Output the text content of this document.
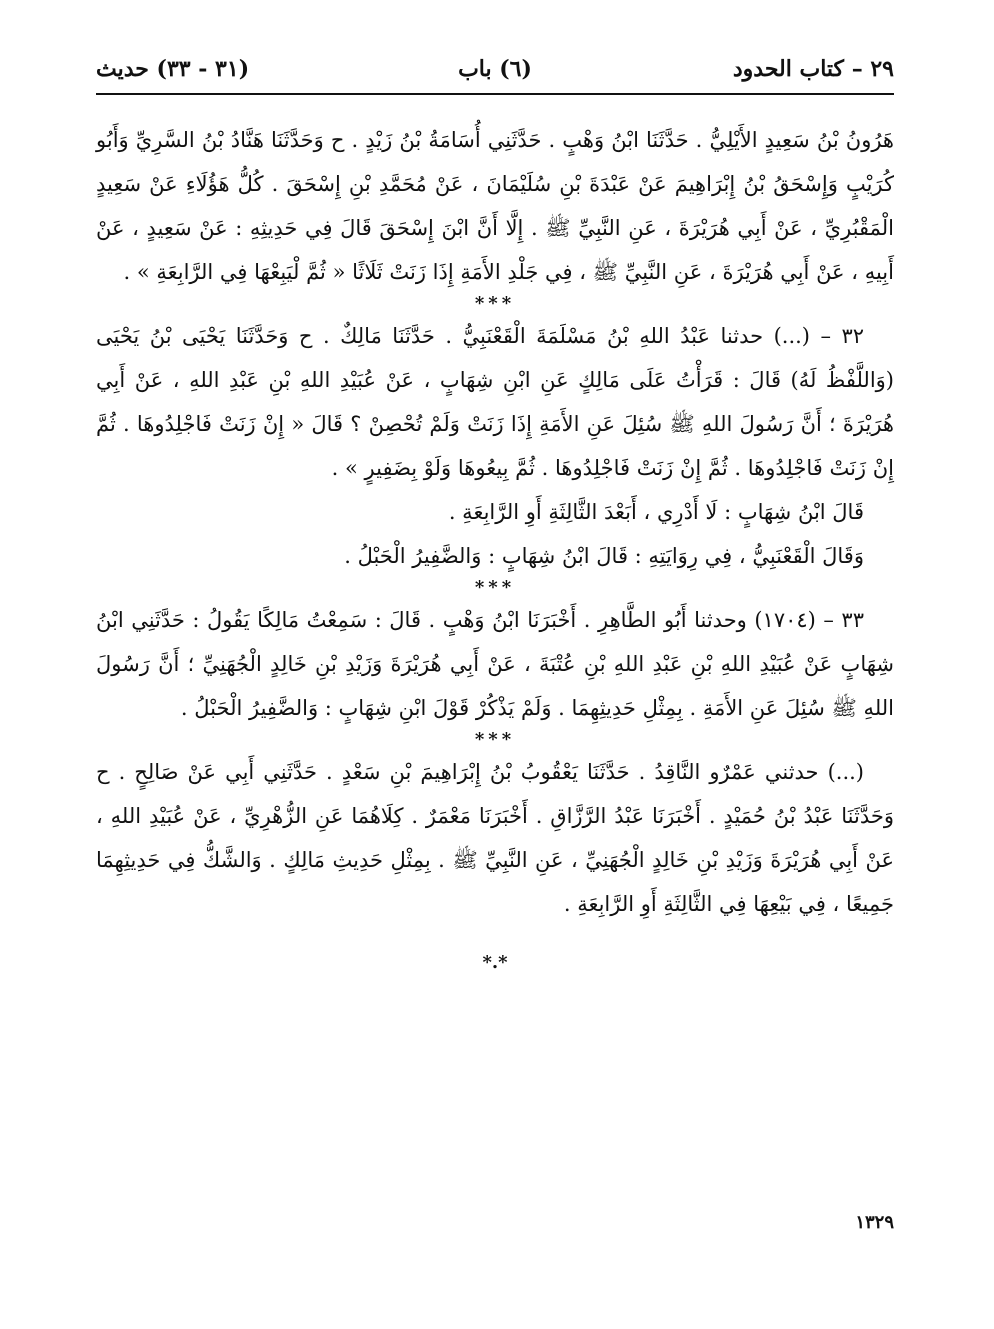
٢٩ – كتاب الحدود
(٦) باب
(٣١ - ٣٣) حديث

هَرُونُ بْنُ سَعِيدٍ الأَيْلِيُّ . حَدَّثَنَا ابْنُ وَهْبٍ . حَدَّثَنِي أُسَامَةُ بْنُ زَيْدٍ . ح وَحَدَّثَنَا هَنَّادُ بْنُ السَّرِيِّ وَأَبُو كُرَيْبٍ وَإِسْحَقُ بْنُ إِبْرَاهِيمَ عَنْ عَبْدَةَ بْنِ سُلَيْمَانَ ، عَنْ مُحَمَّدِ بْنِ إِسْحَقَ . كُلُّ هَؤُلَاءِ عَنْ سَعِيدٍ الْمَقْبُرِيِّ ، عَنْ أَبِي هُرَيْرَةَ ، عَنِ النَّبِيِّ ﷺ . إِلَّا أَنَّ ابْنَ إِسْحَقَ قَالَ فِي حَدِيثِهِ : عَنْ سَعِيدٍ ، عَنْ أَبِيهِ ، عَنْ أَبِي هُرَيْرَةَ ، عَنِ النَّبِيِّ ﷺ ، فِي جَلْدِ الأَمَةِ إِذَا زَنَتْ ثَلَاثًا « ثُمَّ لْيَبِعْهَا فِي الرَّابِعَةِ » .

***

٣٢ – (...) حدثنا عَبْدُ اللهِ بْنُ مَسْلَمَةَ الْقَعْنَبِيُّ . حَدَّثَنَا مَالِكٌ . ح وَحَدَّثَنَا يَحْيَى بْنُ يَحْيَى (وَاللَّفْظُ لَهُ) قَالَ : قَرَأْتُ عَلَى مَالِكٍ عَنِ ابْنِ شِهَابٍ ، عَنْ عُبَيْدِ اللهِ بْنِ عَبْدِ اللهِ ، عَنْ أَبِي هُرَيْرَةَ ؛ أَنَّ رَسُولَ اللهِ ﷺ سُئِلَ عَنِ الأَمَةِ إِذَا زَنَتْ وَلَمْ تُحْصِنْ ؟ قَالَ « إِنْ زَنَتْ فَاجْلِدُوهَا . ثُمَّ إِنْ زَنَتْ فَاجْلِدُوهَا . ثُمَّ إِنْ زَنَتْ فَاجْلِدُوهَا . ثُمَّ بِيعُوهَا وَلَوْ بِضَفِيرٍ » .

قَالَ ابْنُ شِهَابٍ : لَا أَدْرِي ، أَبَعْدَ الثَّالِثَةِ أَوِ الرَّابِعَةِ .

وَقَالَ الْقَعْنَبِيُّ ، فِي رِوَايَتِهِ : قَالَ ابْنُ شِهَابٍ : وَالضَّفِيرُ الْحَبْلُ .

***

٣٣ – (١٧٠٤) وحدثنا أَبُو الطَّاهِرِ . أَخْبَرَنَا ابْنُ وَهْبٍ . قَالَ : سَمِعْتُ مَالِكًا يَقُولُ : حَدَّثَنِي ابْنُ شِهَابٍ عَنْ عُبَيْدِ اللهِ بْنِ عَبْدِ اللهِ بْنِ عُتْبَةَ ، عَنْ أَبِي هُرَيْرَةَ وَزَيْدِ بْنِ خَالِدٍ الْجُهَنِيِّ ؛ أَنَّ رَسُولَ اللهِ ﷺ سُئِلَ عَنِ الأَمَةِ . بِمِثْلِ حَدِيثِهِمَا . وَلَمْ يَذْكُرْ قَوْلَ ابْنِ شِهَابٍ : وَالضَّفِيرُ الْحَبْلُ .

***

(...) حدثني عَمْرٌو النَّاقِدُ . حَدَّثَنَا يَعْقُوبُ بْنُ إِبْرَاهِيمَ بْنِ سَعْدٍ . حَدَّثَنِي أَبِي عَنْ صَالِحٍ . ح وَحَدَّثَنَا عَبْدُ بْنُ حُمَيْدٍ . أَخْبَرَنَا عَبْدُ الرَّزَّاقِ . أَخْبَرَنَا مَعْمَرٌ . كِلَاهُمَا عَنِ الزُّهْرِيِّ ، عَنْ عُبَيْدِ اللهِ ، عَنْ أَبِي هُرَيْرَةَ وَزَيْدِ بْنِ خَالِدٍ الْجُهَنِيِّ ، عَنِ النَّبِيِّ ﷺ . بِمِثْلِ حَدِيثِ مَالِكٍ . وَالشَّكُّ فِي حَدِيثِهِمَا جَمِيعًا ، فِي بَيْعِهَا فِي الثَّالِثَةِ أَوِ الرَّابِعَةِ .

*.*
١٣٢٩
